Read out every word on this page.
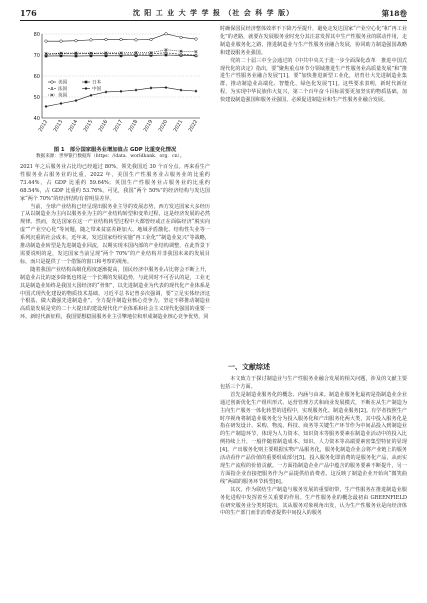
176	沈 阳 工 业 大 学 学 报 （社 会 科 学 版）	第18卷
40
50
60
70
80
2012 2013 2014 2015 2016 2017 2018 2019 2020 2021 2022
美国	日本
法国	中国
英国
图 1　部分国家服务业增加值占 GDP 比重变化情况
数据来源：世界银行数据库（https：//data．worldbank．org．cn）。

2021 年之后服务业占比均已经超过 80%，领先我国近 30 个百分点。再来看生产性服务业占服务业的比重，2022 年，美国生产性服务业占服务业的比重约 73.44%，占 GDP 比重约 59.64%；英国生产性服务业占服务业的比重约 68.54%，占 GDP 比重约 53.76%。可见，我国“两个 50%”的经济结构与发达国家“两个 70%”的经济结构有着明显差异。

当前，全球产业结构已经呈现出服务业主导的发展态势，西方发达国家大多经历了从以制造业为主向以服务业为主的产业结构转型和变革过程，这是经济发展的必然规律。然而，发达国家在这一产业结构转型过程中大都曾经或正在面临经济“脱实向虚”“产业空心化”等问题，随之带来贫富差距加大、地域矛盾激化、结构性失业等一系列沉重的社会成本。近年来，发达国家纷纷实施“再工业化”“制造业复兴”等战略，推动制造业转型是先进制造业回流，以期实现本国内部的产业结构调整，在此背景下需要说明的是，发达国家当前呈现“两个 70%”的产业结构并非我国未来的发展目标，而只是提供了一个借鉴的窗口和考察的视角。

随着我国产业结构高级化程度逐渐提高，国民经济中服务业占比将会不断上升，制造业占比的逐步降低也将是一个长期的发展趋势，与此同时不可否认的是，工业无其是制造业始终是我国大国经济的“骨架”，以先进制造业为代表的现代化产业体系是中国式现代化建设的物质技术基础。习近平总书记曾多次强调，要“立足实体经济这个根基，做大做强先进制造业”。全力提升制造业核心竞争力，坚定不移推动制造业高质量发展是党的二十大提出的建设现代化产业体系和社会主义现代化强国的重要一环。新时代新征程，我国要想稳固服务业主引擎地位和形成制造业核心竞争优势，同

时确保国民经济整体效率不下降乃至提升，避免走发达国家“产业空心化”和“再工业化”的老路，就要在发展服务业时充分其注意发挥其中生产性服务业的联动作用，走制造业服务化之路，推进制造业与生产性服务业融合发展，协同助力制造强国战略和建设服务业强国。

党的二十届三中全会通过的《中共中央关于进一步全面深化改革　推进中国式现代化的决定》指出，要“聚焦重点环节分领域推进生产性服务业高质量发展”和“推进生产性服务业融合发展”[1]，要“加快推进新型工业化，培育壮大先进制造业集群，推动制造业高端化、智能化、绿色化发展”[1]。这些要求表明，新时代新征程，为实现中华民族伟大复兴，第二个百年奋斗目标需要更加坚实的物质基础，加快建设制造强国和服务业强国，必须促进制造业和生产性服务业融合发展。

一、文献综述

本文致力于探讨制造业与生产性服务业融合发展的相关问题，涉及的文献主要包括三个方面。

首先是制造业服务化的概念、内涵与由来。制造业服务化最初是指制造业企业通过创新优化生产组织形式、运营管理方式和商业发展模式，不断在从生产制造为主向生产服务一体化转型的进程中，实现服务化、制造业服务[2]。有学者按照生产时序视角将制造业服务化分为投入服务化和产出服务化两大类，其中投入服务化是指在研发设计、采购、物流、科技、商务等关键生产环节作为中间品投入到制造业的生产制造环节，体现为人力资本、知识资本等服务要素在制造业活动中的投入比例持续上升，一般伴随着制造成本、知识、人力资本等高端要素密集型特征的显现[4]。产出服务化则主要根据实物产品服务化，服务化制造企业会将产业链上的服务活动看作产品价值的重要组成部分[5]。投入服务化即消费的是服务化产品，从而实现生产流程的价值贡献。一方面指制造企业产品中蕴含的服务要素不断提升，另一方面指企业直接把服务作为产品提供给消费者。这反映了制造企业开始向“微笑曲线”两端的服务环节转型[6]。

其次，作为联结生产制造与服务发展的重要纽带，生产性服务在推进制造业服务化进程中发挥着至关重要的作用。生产性服务业的概念最初由 GREENFIELD 在研究服务业分类时提出，其从服务对象视角出发，认为生产性服务业是向经济体中的生产部门而非消费者提供中间投入的服务
